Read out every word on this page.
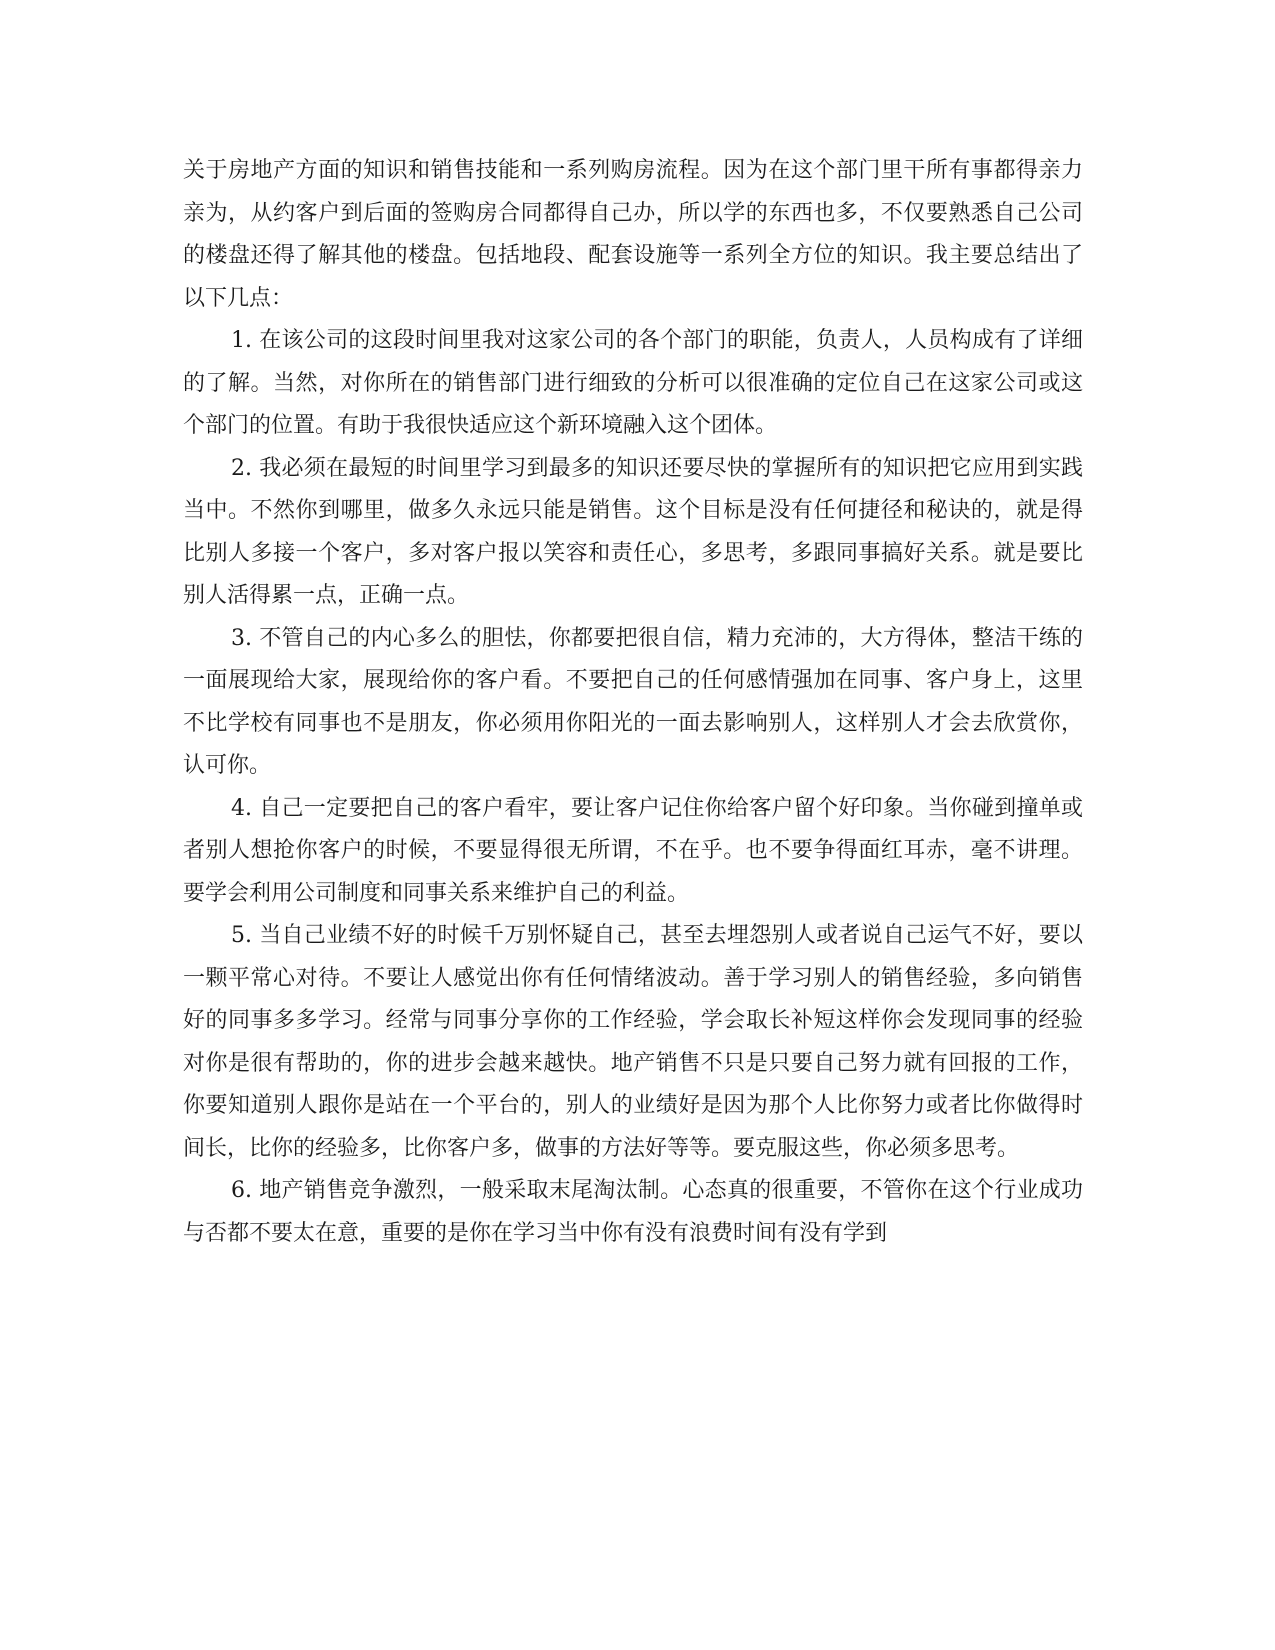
关于房地产方面的知识和销售技能和一系列购房流程。因为在这个部门里干所有事都得亲力亲为，从约客户到后面的签购房合同都得自己办，所以学的东西也多，不仅要熟悉自己公司的楼盘还得了解其他的楼盘。包括地段、配套设施等一系列全方位的知识。我主要总结出了以下几点：

1. 在该公司的这段时间里我对这家公司的各个部门的职能，负责人，人员构成有了详细的了解。当然，对你所在的销售部门进行细致的分析可以很准确的定位自己在这家公司或这个部门的位置。有助于我很快适应这个新环境融入这个团体。

2. 我必须在最短的时间里学习到最多的知识还要尽快的掌握所有的知识把它应用到实践当中。不然你到哪里，做多久永远只能是销售。这个目标是没有任何捷径和秘诀的，就是得比别人多接一个客户，多对客户报以笑容和责任心，多思考，多跟同事搞好关系。就是要比别人活得累一点，正确一点。

3. 不管自己的内心多么的胆怯，你都要把很自信，精力充沛的，大方得体，整洁干练的一面展现给大家，展现给你的客户看。不要把自己的任何感情强加在同事、客户身上，这里不比学校有同事也不是朋友，你必须用你阳光的一面去影响别人，这样别人才会去欣赏你，认可你。

4. 自己一定要把自己的客户看牢，要让客户记住你给客户留个好印象。当你碰到撞单或者别人想抢你客户的时候，不要显得很无所谓，不在乎。也不要争得面红耳赤，毫不讲理。要学会利用公司制度和同事关系来维护自己的利益。

5. 当自己业绩不好的时候千万别怀疑自己，甚至去埋怨别人或者说自己运气不好，要以一颗平常心对待。不要让人感觉出你有任何情绪波动。善于学习别人的销售经验，多向销售好的同事多多学习。经常与同事分享你的工作经验，学会取长补短这样你会发现同事的经验对你是很有帮助的，你的进步会越来越快。地产销售不只是只要自己努力就有回报的工作，你要知道别人跟你是站在一个平台的，别人的业绩好是因为那个人比你努力或者比你做得时间长，比你的经验多，比你客户多，做事的方法好等等。要克服这些，你必须多思考。

6. 地产销售竞争激烈，一般采取末尾淘汰制。心态真的很重要，不管你在这个行业成功与否都不要太在意，重要的是你在学习当中你有没有浪费时间有没有学到
